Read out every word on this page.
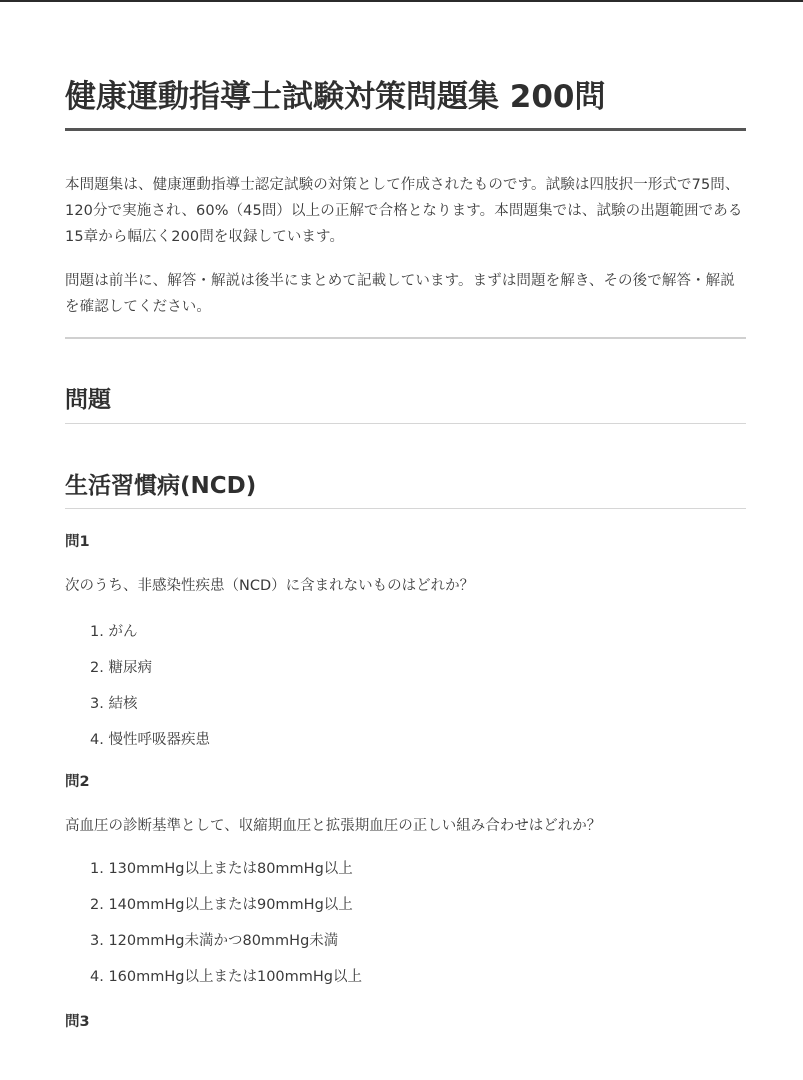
健康運動指導士試験対策問題集 200問

本問題集は、健康運動指導士認定試験の対策として作成されたものです。試験は四肢択一形式で75問、120分で実施され、60%（45問）以上の正解で合格となります。本問題集では、試験の出題範囲である15章から幅広く200問を収録しています。

問題は前半に、解答・解説は後半にまとめて記載しています。まずは問題を解き、その後で解答・解説を確認してください。

問題
生活習慣病(NCD)
問1

次のうち、非感染性疾患（NCD）に含まれないものはどれか？

1. がん
2. 糖尿病
3. 結核
4. 慢性呼吸器疾患
問2

高血圧の診断基準として、収縮期血圧と拡張期血圧の正しい組み合わせはどれか？

1. 130mmHg以上または80mmHg以上
2. 140mmHg以上または90mmHg以上
3. 120mmHg未満かつ80mmHg未満
4. 160mmHg以上または100mmHg以上
問3
